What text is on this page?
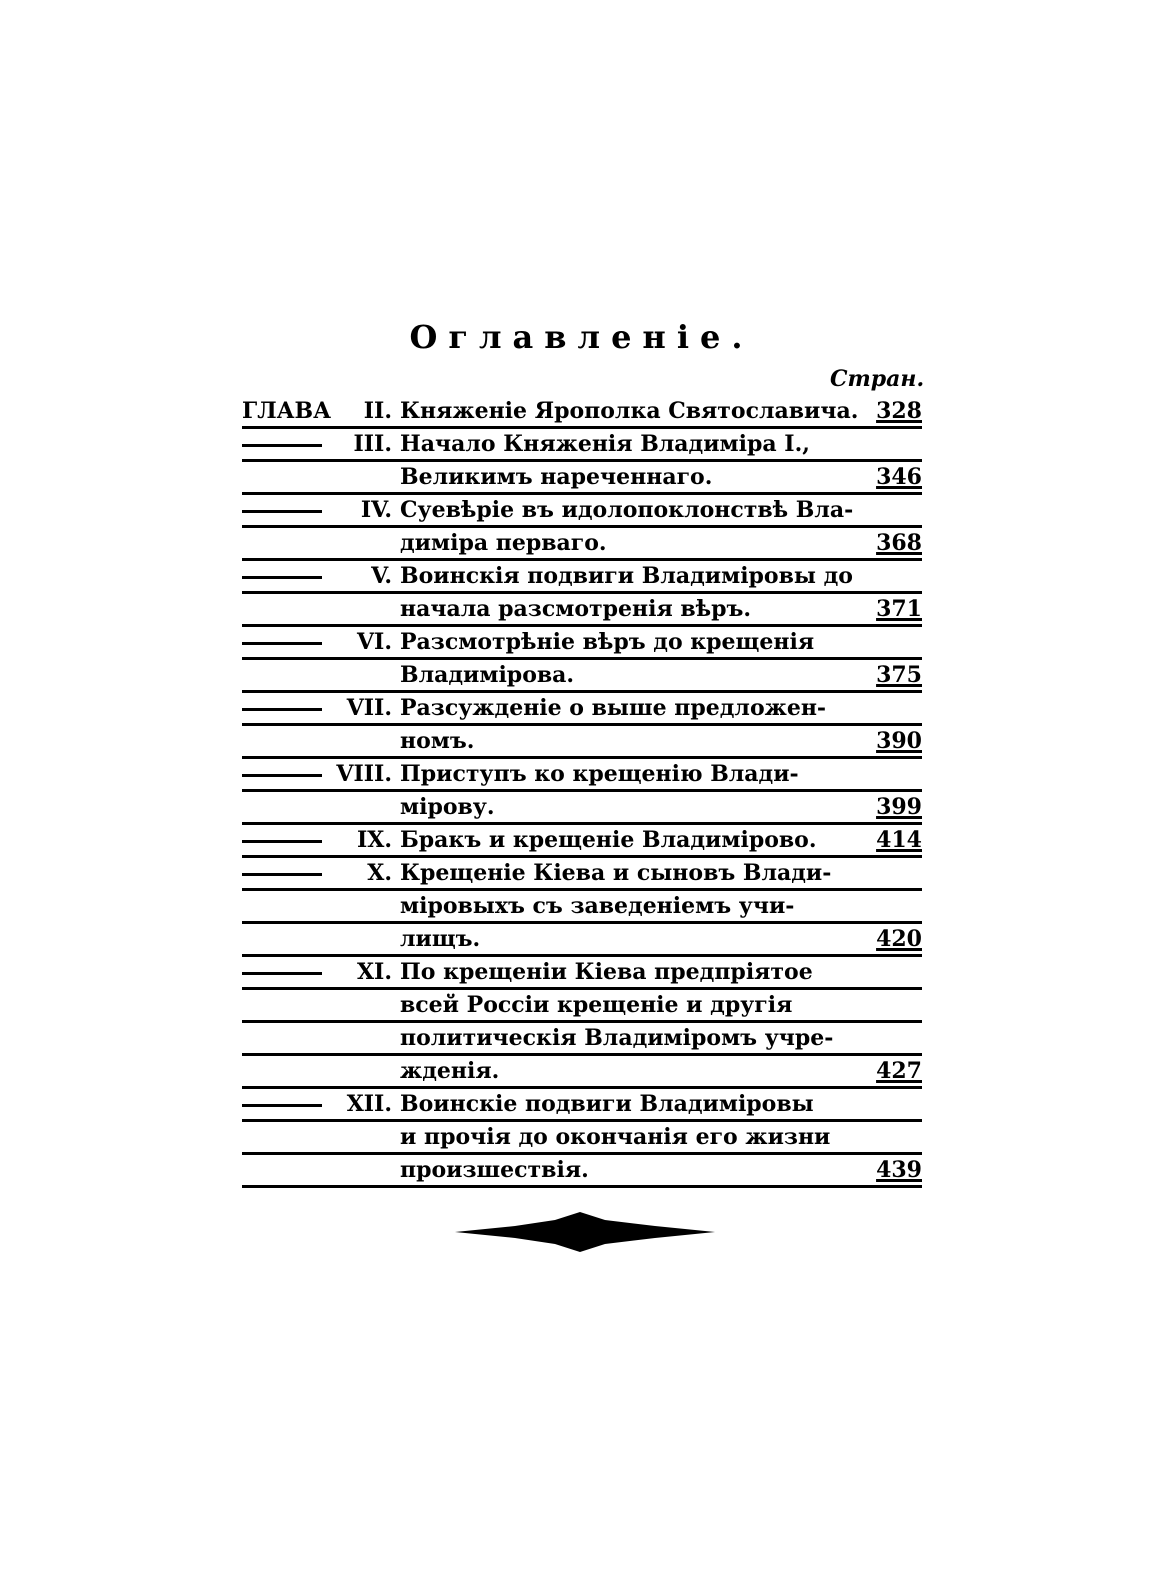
Оглавленіе.
Стран.
ГЛАВА	II. Княженіе Ярополка Святославича. 328
III. Начало Княженія Владиміра I.,
Великимъ нареченнаго.	346
IV. Суевѣріе въ идолопоклонствѣ Вла-
диміра перваго.	368
V. Воинскія подвиги Владиміровы до
начала разсмотренія вѣръ.	371
VI. Разсмотрѣніе вѣръ до крещенія
Владимірова.	375
VII. Разсужденіе о выше предложен-
номъ.	390
VIII. Приступъ ко крещенію Влади-
мірову.	399
IX. Бракъ и крещеніе Владимірово.	414
X. Крещеніе Кіева и сыновъ Влади-
міровыхъ съ заведеніемъ учи-
лищъ.	420
XI. По крещеніи Кіева предпріятое
всей Россіи крещеніе и другія
политическія Владиміромъ учре-
жденія.	427
XII. Воинскіе подвиги Владиміровы
и прочія до окончанія его жизни
произшествія.	439
